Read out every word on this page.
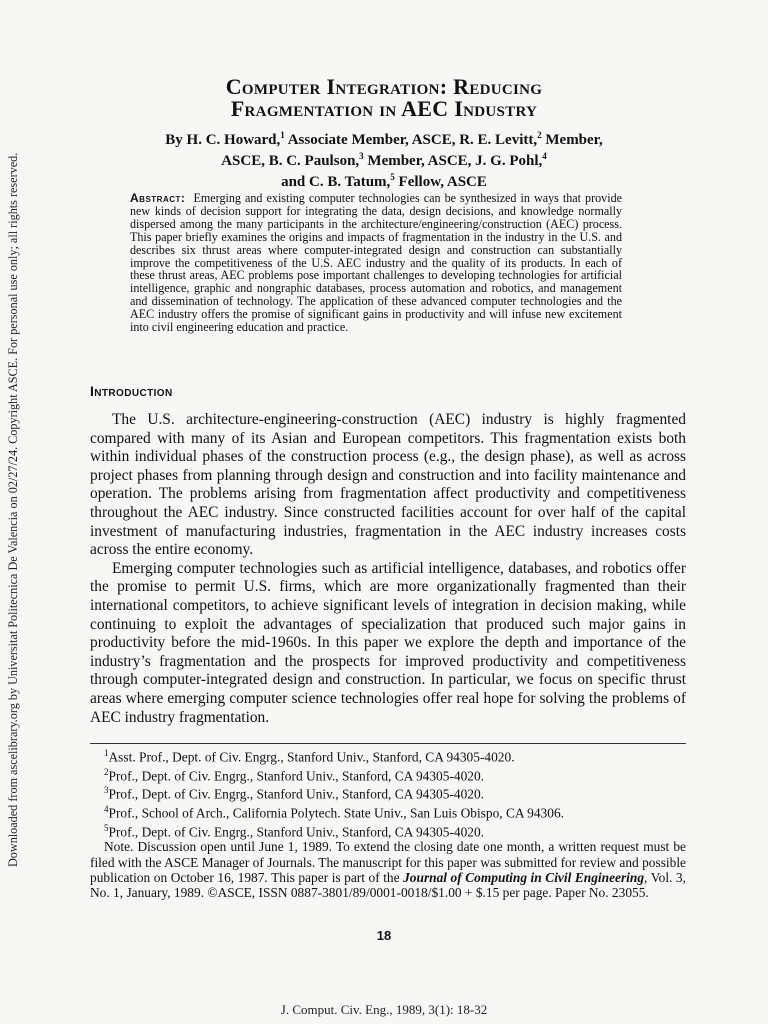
Downloaded from ascelibrary.org by Universitat Politecnica De Valencia on 02/27/24. Copyright ASCE. For personal use only; all rights reserved.
Computer Integration: Reducing
Fragmentation in AEC Industry
By H. C. Howard,$^1$ Associate Member, ASCE, R. E. Levitt,$^2$ Member,
ASCE, B. C. Paulson,$^3$ Member, ASCE, J. G. Pohl,$^4$
and C. B. Tatum,$^5$ Fellow, ASCE
Abstract: Emerging and existing computer technologies can be synthesized in ways that provide new kinds of decision support for integrating the data, design decisions, and knowledge normally dispersed among the many participants in the architecture/engineering/construction (AEC) process. This paper briefly examines the origins and impacts of fragmentation in the industry in the U.S. and describes six thrust areas where computer-integrated design and construction can substantially improve the competitiveness of the U.S. AEC industry and the quality of its products. In each of these thrust areas, AEC problems pose important challenges to developing technologies for artificial intelligence, graphic and nongraphic databases, process automation and robotics, and management and dissemination of technology. The application of these advanced computer technologies and the AEC industry offers the promise of significant gains in productivity and will infuse new excitement into civil engineering education and practice.
Introduction

The U.S. architecture-engineering-construction (AEC) industry is highly fragmented compared with many of its Asian and European competitors. This fragmentation exists both within individual phases of the construction process (e.g., the design phase), as well as across project phases from planning through design and construction and into facility maintenance and operation. The problems arising from fragmentation affect productivity and competitiveness throughout the AEC industry. Since constructed facilities account for over half of the capital investment of manufacturing industries, fragmentation in the AEC industry increases costs across the entire economy.

Emerging computer technologies such as artificial intelligence, databases, and robotics offer the promise to permit U.S. firms, which are more organizationally fragmented than their international competitors, to achieve significant levels of integration in decision making, while continuing to exploit the advantages of specialization that produced such major gains in productivity before the mid-1960s. In this paper we explore the depth and importance of the industry’s fragmentation and the prospects for improved productivity and competitiveness through computer-integrated design and construction. In particular, we focus on specific thrust areas where emerging computer science technologies offer real hope for solving the problems of AEC industry fragmentation.

$^1$Asst. Prof., Dept. of Civ. Engrg., Stanford Univ., Stanford, CA 94305-4020.

$^2$Prof., Dept. of Civ. Engrg., Stanford Univ., Stanford, CA 94305-4020.

$^3$Prof., Dept. of Civ. Engrg., Stanford Univ., Stanford, CA 94305-4020.

$^4$Prof., School of Arch., California Polytech. State Univ., San Luis Obispo, CA 94306.

$^5$Prof., Dept. of Civ. Engrg., Stanford Univ., Stanford, CA 94305-4020.

Note. Discussion open until June 1, 1989. To extend the closing date one month, a written request must be filed with the ASCE Manager of Journals. The manuscript for this paper was submitted for review and possible publication on October 16, 1987. This paper is part of the Journal of Computing in Civil Engineering, Vol. 3, No. 1, January, 1989. ©ASCE, ISSN 0887-3801/89/0001-0018/$1.00 + $.15 per page. Paper No. 23055.

18
J. Comput. Civ. Eng., 1989, 3(1): 18-32
